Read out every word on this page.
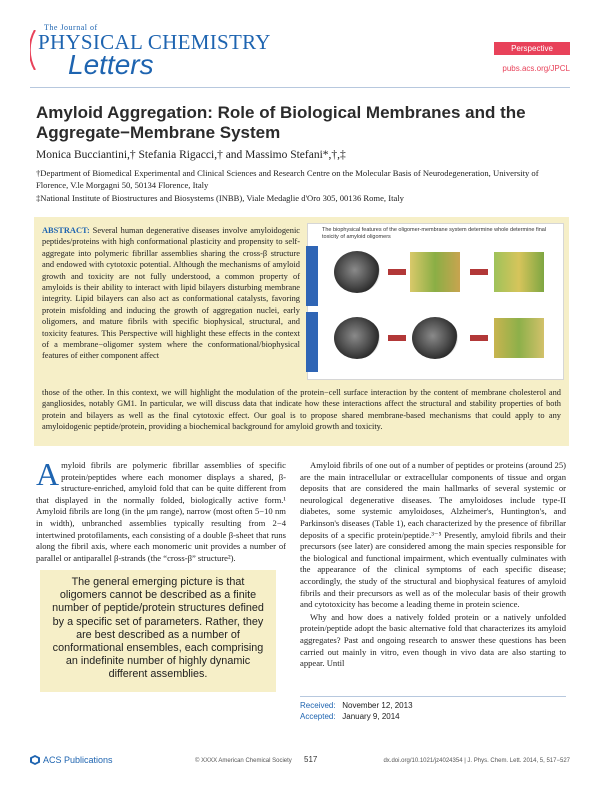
The Journal of
PHYSICAL CHEMISTRY
Letters
Perspective
pubs.acs.org/JPCL
Amyloid Aggregation: Role of Biological Membranes and the Aggregate−Membrane System
Monica Bucciantini,† Stefania Rigacci,† and Massimo Stefani*,†,‡
†Department of Biomedical Experimental and Clinical Sciences and Research Centre on the Molecular Basis of Neurodegeneration, University of Florence, V.le Morgagni 50, 50134 Florence, Italy
‡National Institute of Biostructures and Biosystems (INBB), Viale Medaglie d'Oro 305, 00136 Rome, Italy
ABSTRACT: Several human degenerative diseases involve amyloidogenic peptides/proteins with high conformational plasticity and propensity to self-aggregate into polymeric fibrillar assemblies sharing the cross-β structure and endowed with cytotoxic potential. Although the mechanisms of amyloid growth and toxicity are not fully understood, a common property of amyloids is their ability to interact with lipid bilayers disturbing membrane integrity. Lipid bilayers can also act as conformational catalysts, favoring protein misfolding and inducing the growth of aggregation nuclei, early oligomers, and mature fibrils with specific biophysical, structural, and toxicity features. This Perspective will highlight these effects in the context of a membrane−oligomer system where the conformational/biophysical features of either component affect
The biophysical features of the oligomer-membrane system determine whole determine final toxicity of amyloid oligomers
those of the other. In this context, we will highlight the modulation of the protein−cell surface interaction by the content of membrane cholesterol and gangliosides, notably GM1. In particular, we will discuss data that indicate how these interactions affect the structural and stability properties of both protein and bilayers as well as the final cytotoxic effect. Our goal is to propose shared membrane-based mechanisms that could apply to any amyloidogenic peptide/protein, providing a biochemical background for amyloid growth and toxicity.
Amyloid fibrils are polymeric fibrillar assemblies of specific protein/peptides where each monomer displays a shared, β-structure-enriched, amyloid fold that can be quite different from that displayed in the normally folded, biologically active form.¹ Amyloid fibrils are long (in the μm range), narrow (most often 5−10 nm in width), unbranched assemblies typically resulting from 2−4 intertwined protofilaments, each consisting of a double β-sheet that runs along the fibril axis, where each monomeric unit provides a number of parallel or antiparallel β-strands (the “cross-β” structure²).
The general emerging picture is that oligomers cannot be described as a finite number of peptide/protein structures defined by a specific set of parameters. Rather, they are best described as a number of conformational ensembles, each comprising an indefinite number of highly dynamic different assemblies.
Amyloid fibrils of one out of a number of peptides or proteins (around 25) are the main intracellular or extracellular components of tissue and organ deposits that are considered the main hallmarks of several systemic or neurological degenerative diseases. The amyloidoses include type-II diabetes, some systemic amyloidoses, Alzheimer's, Huntington's, and Parkinson's diseases (Table 1), each characterized by the presence of fibrillar deposits of a specific protein/peptide.³⁻⁵ Presently, amyloid fibrils and their precursors (see later) are considered among the main species responsible for the biological and functional impairment, which eventually culminates with the appearance of the clinical symptoms of each specific disease; accordingly, the study of the structural and biophysical features of amyloid fibrils and their precursors as well as of the molecular basis of their growth and cytotoxicity has become a leading theme in protein science.
Why and how does a natively folded protein or a natively unfolded protein/peptide adopt the basic alternative fold that characterizes its amyloid aggregates? Past and ongoing research to answer these questions has been carried out mainly in vitro, even though in vivo data are also starting to appear. Until
Received: November 12, 2013
Accepted: January 9, 2014
ACS Publications	© XXXX American Chemical Society 517	dx.doi.org/10.1021/jz4024354 | J. Phys. Chem. Lett. 2014, 5, 517−527
